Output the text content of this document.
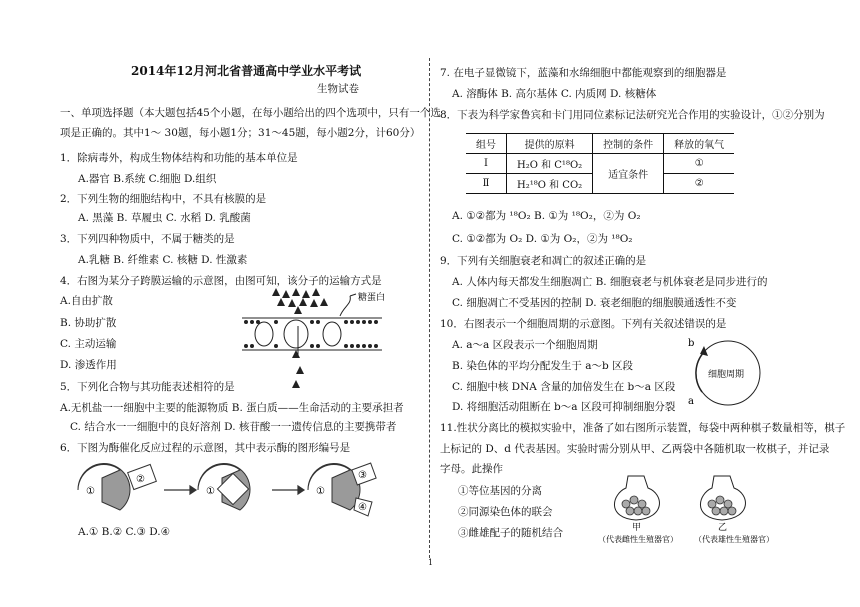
2014年12月河北省普通高中学业水平考试
生物试卷
一、单项选择题（本大题包括45个小题，在每小题给出的四个选项中，只有一个选
项是正确的。其中1～ 30题，每小题1分；31～45题，每小题2分，计60分）
1．除病毒外，构成生物体结构和功能的基本单位是
A.器官 B.系统 C.细胞 D.组织
2．下列生物的细胞结构中，不具有核膜的是
A. 黑藻 B. 草履虫 C. 水稻 D. 乳酸菌
3．下列四种物质中，不属于糖类的是
A.乳糖 B. 纤维素 C. 核糖 D. 性激素
4．右图为某分子跨膜运输的示意图，由图可知，该分子的运输方式是
A.自由扩散
B. 协助扩散
C. 主动运输
D. 渗透作用
糖蛋白
5．下列化合物与其功能表述相符的是
A.无机盐一一细胞中主要的能源物质 B. 蛋白质——生命活动的主要承担者
C. 结合水一一细胞中的良好溶剂 D. 核苷酸一一遗传信息的主要携带者
6．下图为酶催化反应过程的示意图，其中表示酶的图形编号是
①
②
①	①
③
④
A.① B.② C.③ D.④
7. 在电子显微镜下，蓝藻和水绵细胞中都能观察到的细胞器是
A. 溶酶体 B. 高尔基体 C. 内质网 D. 核糖体
8．下表为科学家鲁宾和卡门用同位素标记法研究光合作用的实验设计，①②分别为
组号	提供的原料	控制的条件	释放的氧气
Ⅰ	H₂O 和 C¹⁸O₂	适宜条件	①
Ⅱ	H₂¹⁸O 和 CO₂		②
A. ①②都为 ¹⁸O₂ B. ①为 ¹⁸O₂，②为 O₂
C. ①②都为 O₂ D. ①为 O₂，②为 ¹⁸O₂
9．下列有关细胞衰老和凋亡的叙述正确的是
A. 人体内每天都发生细胞凋亡 B. 细胞衰老与机体衰老是同步进行的
C. 细胞凋亡不受基因的控制 D. 衰老细胞的细胞膜通透性不变
10．右图表示一个细胞周期的示意图。下列有关叙述错误的是
A. a～a 区段表示一个细胞周期
B. 染色体的平均分配发生于 a～b 区段
C. 细胞中核 DNA 含量的加倍发生在 b～a 区段
D. 将细胞活动阻断在 b～a 区段可抑制细胞分裂
细胞周期
b
a
11.性状分离比的模拟实验中，准备了如右图所示装置，每袋中两种棋子数量相等，棋子
上标记的 D、d 代表基因。实验时需分别从甲、乙两袋中各随机取一枚棋子，并记录
字母。此操作
①等位基因的分离
②同源染色体的联会
③雌雄配子的随机结合	甲	乙
（代表雌性生殖器官） （代表雄性生殖器官）
1
